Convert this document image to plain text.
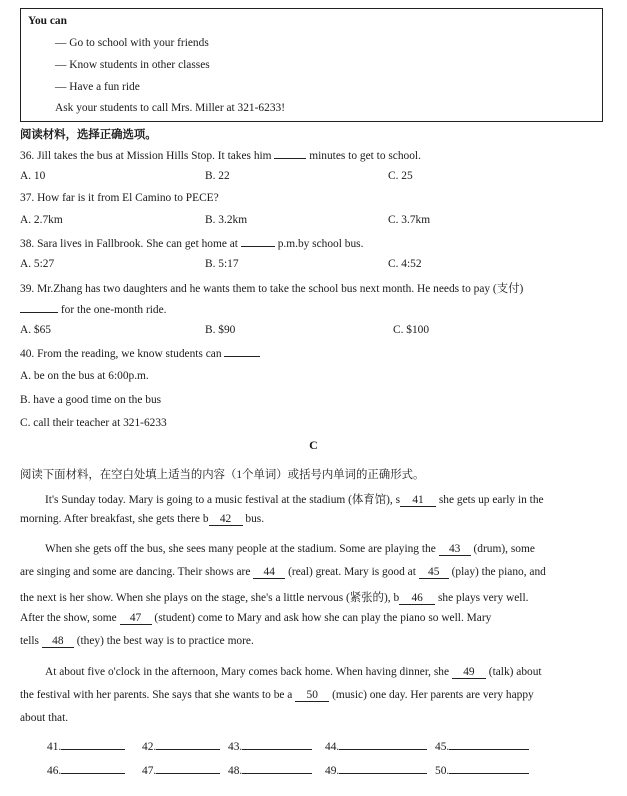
You can
— Go to school with your friends
— Know students in other classes
— Have a fun ride
Ask your students to call Mrs. Miller at 321-6233!
阅读材料，选择正确选项。
36. Jill takes the bus at Mission Hills Stop. It takes him	minutes to get to school.
A. 10	B. 22	C. 25
37. How far is it from El Camino to PECE?
A. 2.7km	B. 3.2km	C. 3.7km
38. Sara lives in Fallbrook. She can get home at	p.m.by school bus.
A. 5:27	B. 5:17	C. 4:52
39. Mr.Zhang has two daughters and he wants them to take the school bus next month. He needs to pay (支付)
for the one-month ride.
A. $65	B. $90	C. $100
40. From the reading, we know students can
A. be on the bus at 6:00p.m.
B. have a good time on the bus
C. call their teacher at 321-6233
C
阅读下面材料，在空白处填上适当的内容（1个单词）或括号内单词的正确形式。
It's Sunday today. Mary is going to a music festival at the stadium (体育馆), s 41 she gets up early in the
morning. After breakfast, she gets there b 42 bus.
When she gets off the bus, she sees many people at the stadium. Some are playing the 43 (drum), some
are singing and some are dancing. Their shows are 44 (real) great. Mary is good at 45 (play) the piano, and
the next is her show. When she plays on the stage, she's a little nervous (紧张的), b 46 she plays very well.
After the show, some 47 (student) come to Mary and ask how she can play the piano so well. Mary
tells 48 (they) the best way is to practice more.
At about five o'clock in the afternoon, Mary comes back home. When having dinner, she 49 (talk) about
the festival with her parents. She says that she wants to be a 50 (music) one day. Her parents are very happy
about that.
41.	42.	43.	44.	45.
46.	47.	48.	49.	50.
